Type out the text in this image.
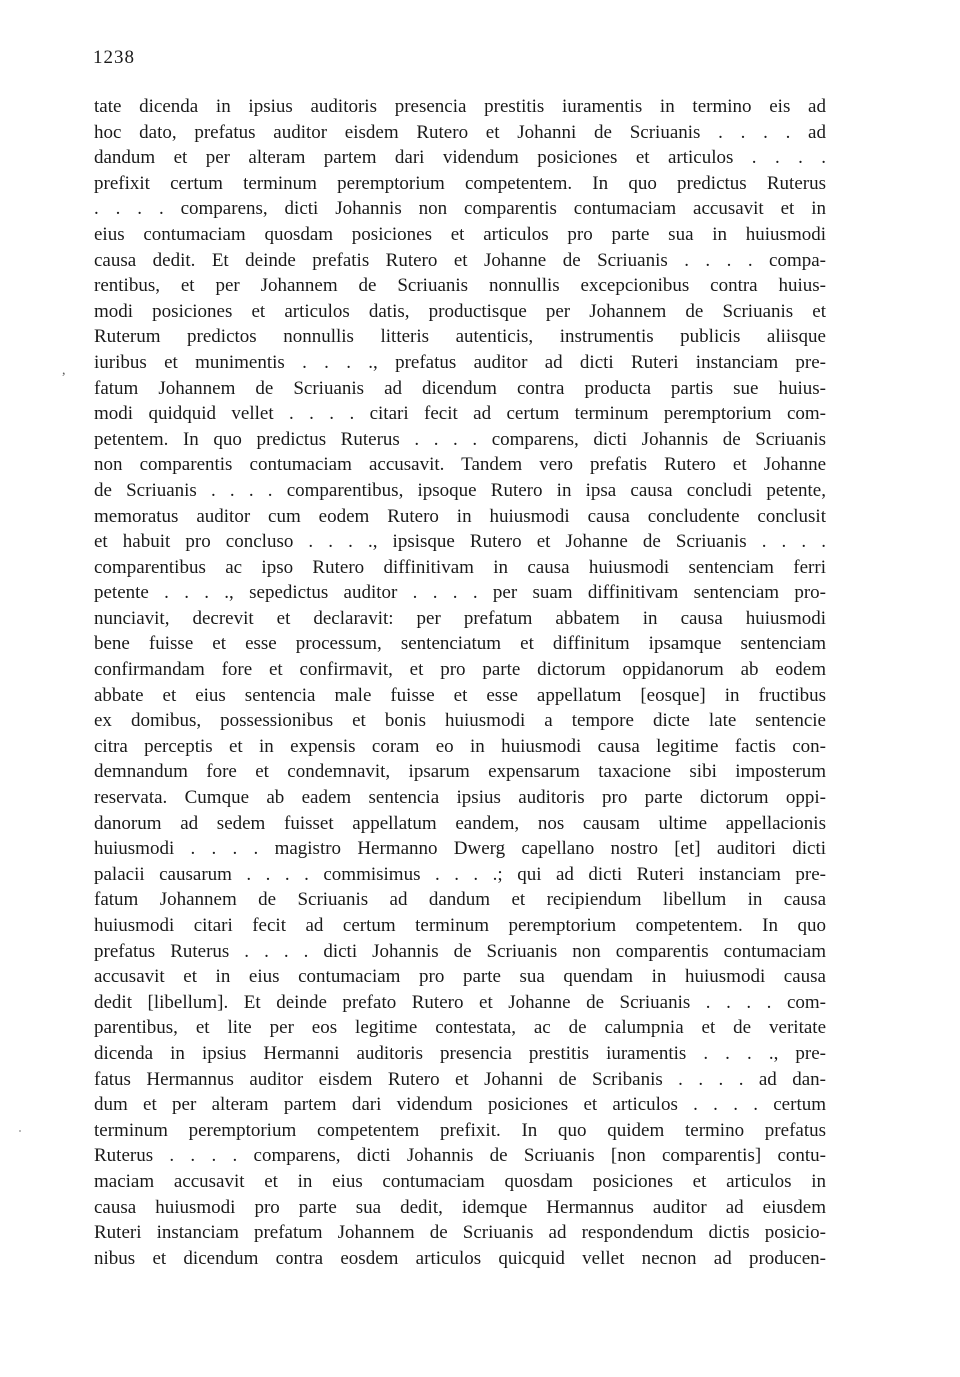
1238
,
tate dicenda in ipsius auditoris presencia prestitis iuramentis in termino eis ad
hoc dato, prefatus auditor eisdem Rutero et Johanni de Scriuanis . . . . ad
dandum et per alteram partem dari videndum posiciones et articulos . . . .
prefixit certum terminum peremptorium competentem. In quo predictus Ruterus
. . . . comparens, dicti Johannis non comparentis contumaciam accusavit et in
eius contumaciam quosdam posiciones et articulos pro parte sua in huiusmodi
causa dedit. Et deinde prefatis Rutero et Johanne de Scriuanis . . . . compa-
rentibus, et per Johannem de Scriuanis nonnullis excepcionibus contra huius-
modi posiciones et articulos datis, productisque per Johannem de Scriuanis et
Ruterum predictos nonnullis litteris autenticis, instrumentis publicis aliisque
iuribus et munimentis . . . ., prefatus auditor ad dicti Ruteri instanciam pre-
fatum Johannem de Scriuanis ad dicendum contra producta partis sue huius-
modi quidquid vellet . . . . citari fecit ad certum terminum peremptorium com-
petentem. In quo predictus Ruterus . . . . comparens, dicti Johannis de Scriuanis
non comparentis contumaciam accusavit. Tandem vero prefatis Rutero et Johanne
de Scriuanis . . . . comparentibus, ipsoque Rutero in ipsa causa concludi petente,
memoratus auditor cum eodem Rutero in huiusmodi causa concludente conclusit
et habuit pro concluso . . . ., ipsisque Rutero et Johanne de Scriuanis . . . .
comparentibus ac ipso Rutero diffinitivam in causa huiusmodi sentenciam ferri
petente . . . ., sepedictus auditor . . . . per suam diffinitivam sentenciam pro-
nunciavit, decrevit et declaravit: per prefatum abbatem in causa huiusmodi
bene fuisse et esse processum, sentenciatum et diffinitum ipsamque sentenciam
confirmandam fore et confirmavit, et pro parte dictorum oppidanorum ab eodem
abbate et eius sentencia male fuisse et esse appellatum [eosque] in fructibus
ex domibus, possessionibus et bonis huiusmodi a tempore dicte late sentencie
citra perceptis et in expensis coram eo in huiusmodi causa legitime factis con-
demnandum fore et condemnavit, ipsarum expensarum taxacione sibi imposterum
reservata. Cumque ab eadem sentencia ipsius auditoris pro parte dictorum oppi-
danorum ad sedem fuisset appellatum eandem, nos causam ultime appellacionis
huiusmodi . . . . magistro Hermanno Dwerg capellano nostro [et] auditori dicti
palacii causarum . . . . commisimus . . . .; qui ad dicti Ruteri instanciam pre-
fatum Johannem de Scriuanis ad dandum et recipiendum libellum in causa
huiusmodi citari fecit ad certum terminum peremptorium competentem. In quo
prefatus Ruterus . . . . dicti Johannis de Scriuanis non comparentis contumaciam
accusavit et in eius contumaciam pro parte sua quendam in huiusmodi causa
dedit [libellum]. Et deinde prefato Rutero et Johanne de Scriuanis . . . . com-
parentibus, et lite per eos legitime contestata, ac de calumpnia et de veritate
dicenda in ipsius Hermanni auditoris presencia prestitis iuramentis . . . ., pre-
fatus Hermannus auditor eisdem Rutero et Johanni de Scribanis . . . . ad dan-
dum et per alteram partem dari videndum posiciones et articulos . . . . certum
terminum peremptorium competentem prefixit. In quo quidem termino prefatus
Ruterus . . . . comparens, dicti Johannis de Scriuanis [non comparentis] contu-
maciam accusavit et in eius contumaciam quosdam posiciones et articulos in
causa huiusmodi pro parte sua dedit, idemque Hermannus auditor ad eiusdem
Ruteri instanciam prefatum Johannem de Scriuanis ad respondendum dictis posicio-
nibus et dicendum contra eosdem articulos quicquid vellet necnon ad producen-
